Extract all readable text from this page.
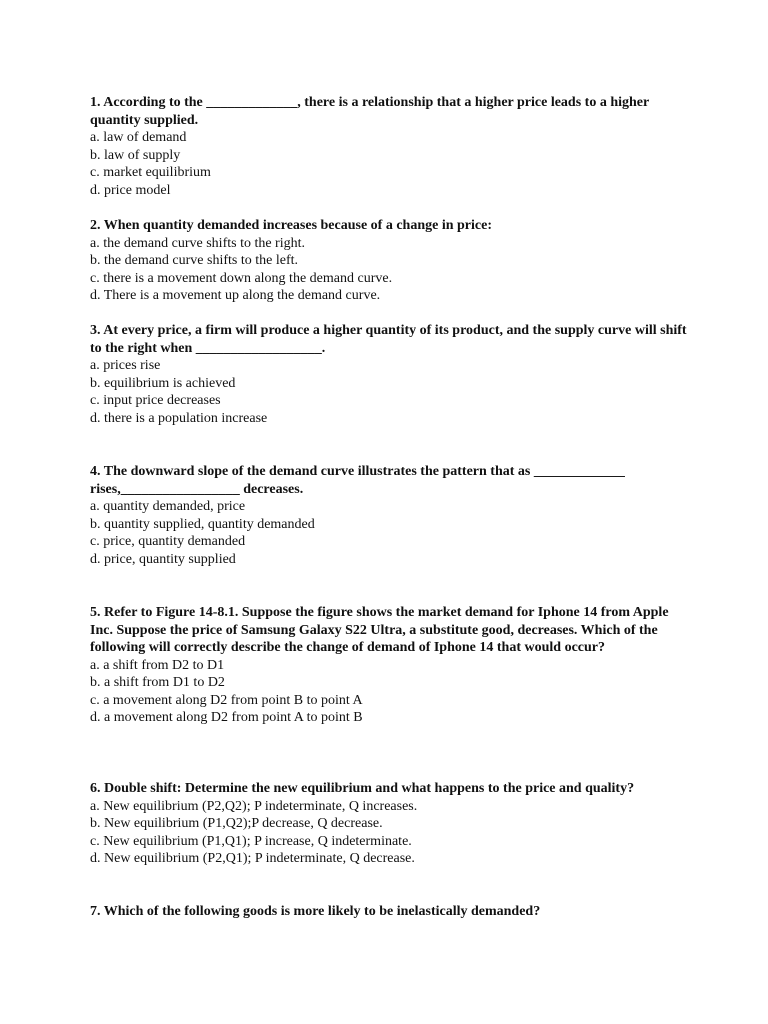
1. According to the _____________, there is a relationship that a higher price leads to a higher quantity supplied.

a. law of demand
b. law of supply
c. market equilibrium
d. price model

2. When quantity demanded increases because of a change in price:

a. the demand curve shifts to the right.
b. the demand curve shifts to the left.
c. there is a movement down along the demand curve.
d. There is a movement up along the demand curve.

3. At every price, a firm will produce a higher quantity of its product, and the supply curve will shift to the right when __________________.

a. prices rise
b. equilibrium is achieved
c. input price decreases
d. there is a population increase

4. The downward slope of the demand curve illustrates the pattern that as _____________ rises,_________________ decreases.

a. quantity demanded, price
b. quantity supplied, quantity demanded
c. price, quantity demanded
d. price, quantity supplied

5. Refer to Figure 14-8.1. Suppose the figure shows the market demand for Iphone 14 from Apple Inc. Suppose the price of Samsung Galaxy S22 Ultra, a substitute good, decreases. Which of the following will correctly describe the change of demand of Iphone 14 that would occur?

a. a shift from D2 to D1
b. a shift from D1 to D2
c. a movement along D2 from point B to point A
d. a movement along D2 from point A to point B

6. Double shift: Determine the new equilibrium and what happens to the price and quality?

a. New equilibrium (P2,Q2); P indeterminate, Q increases.
b. New equilibrium (P1,Q2);P decrease, Q decrease.
c. New equilibrium (P1,Q1); P increase, Q indeterminate.
d. New equilibrium (P2,Q1); P indeterminate, Q decrease.

7. Which of the following goods is more likely to be inelastically demanded?
